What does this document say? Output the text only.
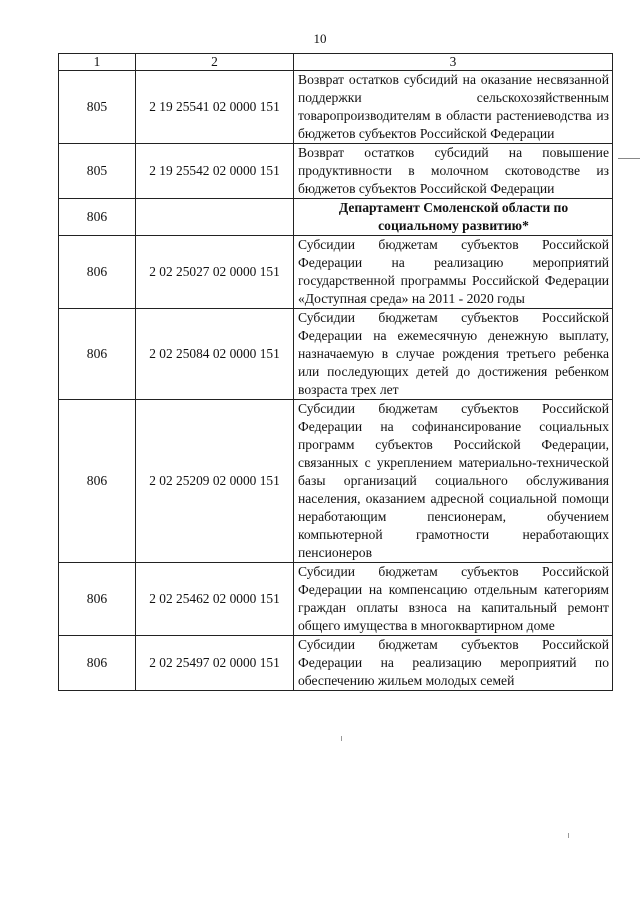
10
1	2	3
805	2 19 25541 02 0000 151	Возврат остатков субсидий на оказание несвязанной поддержки сельскохозяйственным товаропроизводителям в области растениеводства из бюджетов субъектов Российской Федерации
805	2 19 25542 02 0000 151	Возврат остатков субсидий на повышение продуктивности в молочном скотоводстве из бюджетов субъектов Российской Федерации
806		Департамент Смоленской области по социальному развитию*
806	2 02 25027 02 0000 151	Субсидии бюджетам субъектов Российской Федерации на реализацию мероприятий государственной программы Российской Федерации «Доступная среда» на 2011 - 2020 годы
806	2 02 25084 02 0000 151	Субсидии бюджетам субъектов Российской Федерации на ежемесячную денежную выплату, назначаемую в случае рождения третьего ребенка или последующих детей до достижения ребенком возраста трех лет
806	2 02 25209 02 0000 151	Субсидии бюджетам субъектов Российской Федерации на софинансирование социальных программ субъектов Российской Федерации, связанных с укреплением материально-технической базы организаций социального обслуживания населения, оказанием адресной социальной помощи неработающим пенсионерам, обучением компьютерной грамотности неработающих пенсионеров
806	2 02 25462 02 0000 151	Субсидии бюджетам субъектов Российской Федерации на компенсацию отдельным категориям граждан оплаты взноса на капитальный ремонт общего имущества в многоквартирном доме
806	2 02 25497 02 0000 151	Субсидии бюджетам субъектов Российской Федерации на реализацию мероприятий по обеспечению жильем молодых семей
